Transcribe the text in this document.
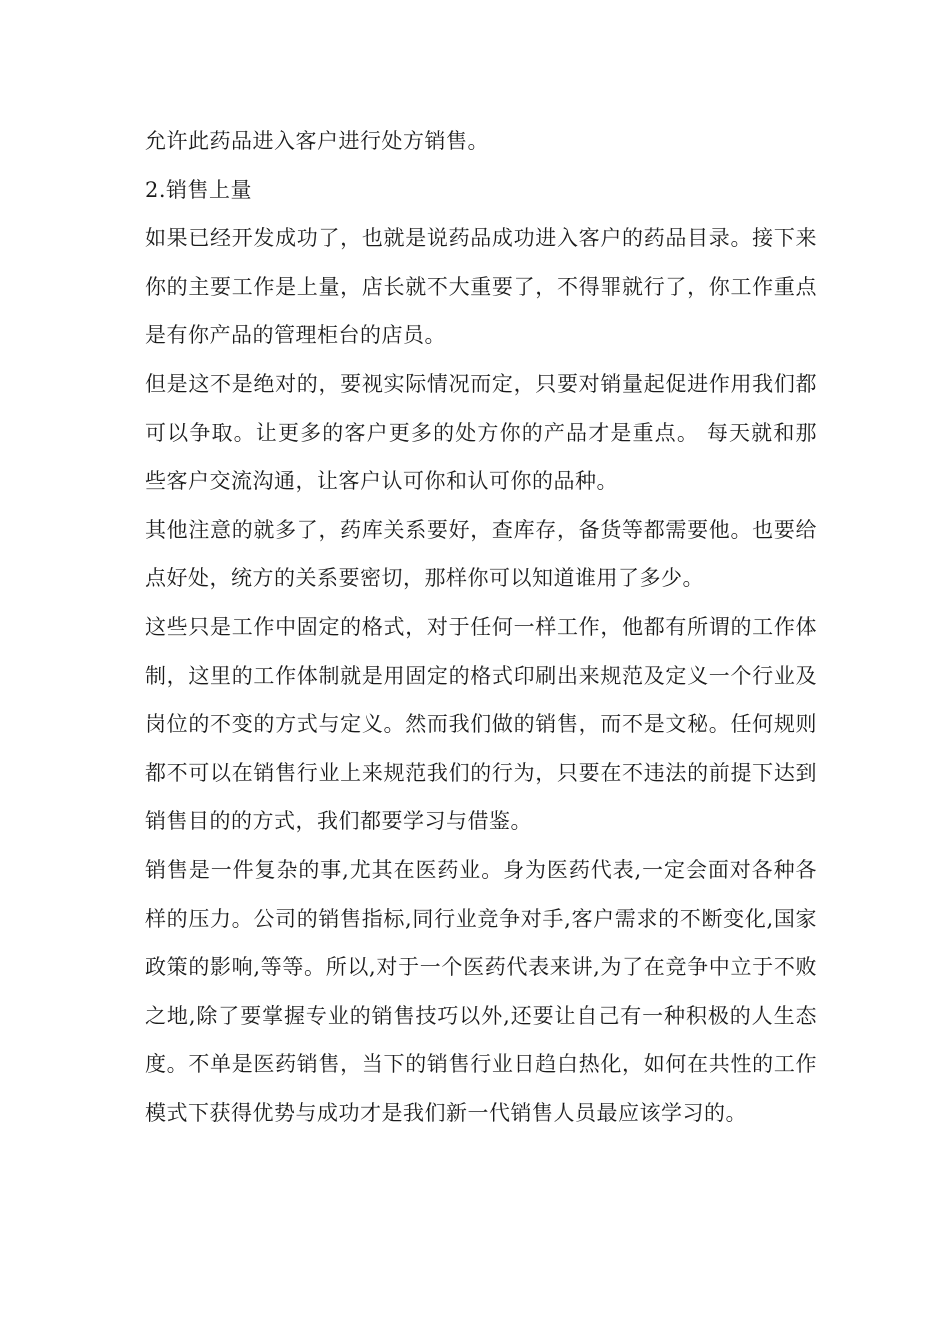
允许此药品进入客户进行处方销售。

2.销售上量

如果已经开发成功了，也就是说药品成功进入客户的药品目录。接下来你的主要工作是上量，店长就不大重要了，不得罪就行了，你工作重点是有你产品的管理柜台的店员。

但是这不是绝对的，要视实际情况而定，只要对销量起促进作用我们都可以争取。让更多的客户更多的处方你的产品才是重点。 每天就和那些客户交流沟通，让客户认可你和认可你的品种。

其他注意的就多了，药库关系要好，查库存，备货等都需要他。也要给点好处，统方的关系要密切，那样你可以知道谁用了多少。

这些只是工作中固定的格式，对于任何一样工作，他都有所谓的工作体制，这里的工作体制就是用固定的格式印刷出来规范及定义一个行业及岗位的不变的方式与定义。然而我们做的销售，而不是文秘。任何规则都不可以在销售行业上来规范我们的行为，只要在不违法的前提下达到销售目的的方式，我们都要学习与借鉴。

销售是一件复杂的事,尤其在医药业。身为医药代表,一定会面对各种各样的压力。公司的销售指标,同行业竞争对手,客户需求的不断变化,国家政策的影响,等等。所以,对于一个医药代表来讲,为了在竞争中立于不败之地,除了要掌握专业的销售技巧以外,还要让自己有一种积极的人生态度。不单是医药销售，当下的销售行业日趋白热化，如何在共性的工作模式下获得优势与成功才是我们新一代销售人员最应该学习的。
